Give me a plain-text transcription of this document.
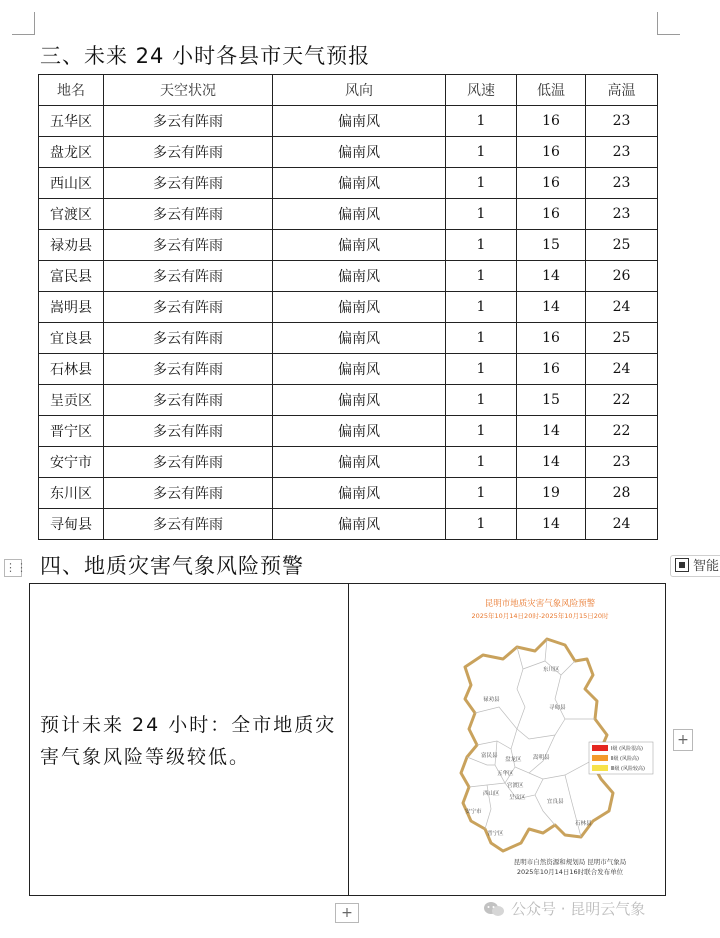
三、未来 24 小时各县市天气预报
地名	天空状况	风向	风速	低温	高温
五华区	多云有阵雨	偏南风	1	16	23
盘龙区	多云有阵雨	偏南风	1	16	23
西山区	多云有阵雨	偏南风	1	16	23
官渡区	多云有阵雨	偏南风	1	16	23
禄劝县	多云有阵雨	偏南风	1	15	25
富民县	多云有阵雨	偏南风	1	14	26
嵩明县	多云有阵雨	偏南风	1	14	24
宜良县	多云有阵雨	偏南风	1	16	25
石林县	多云有阵雨	偏南风	1	16	24
呈贡区	多云有阵雨	偏南风	1	15	22
晋宁区	多云有阵雨	偏南风	1	14	22
安宁市	多云有阵雨	偏南风	1	14	23
东川区	多云有阵雨	偏南风	1	19	28
寻甸县	多云有阵雨	偏南风	1	14	24
四、地质灾害气象风险预警
⋮⋮	智能
预计未来 24 小时：全市地质灾害气象风险等级较低。
昆明市地质灾害气象风险预警
2025年10月14日20时-2025年10月15日20时
东川区
禄劝县
寻甸县
富民县	嵩明县
盘龙区
五华区
官渡区
西山区
呈贡区
安宁市
宜良县
晋宁区
石林县
Ⅰ级 (风险很高)
Ⅱ级 (风险高)
Ⅲ级 (风险较高)
昆明市自然资源和规划局 昆明市气象局
2025年10月14日16时联合发布单位
+
+	公众号 · 昆明云气象
